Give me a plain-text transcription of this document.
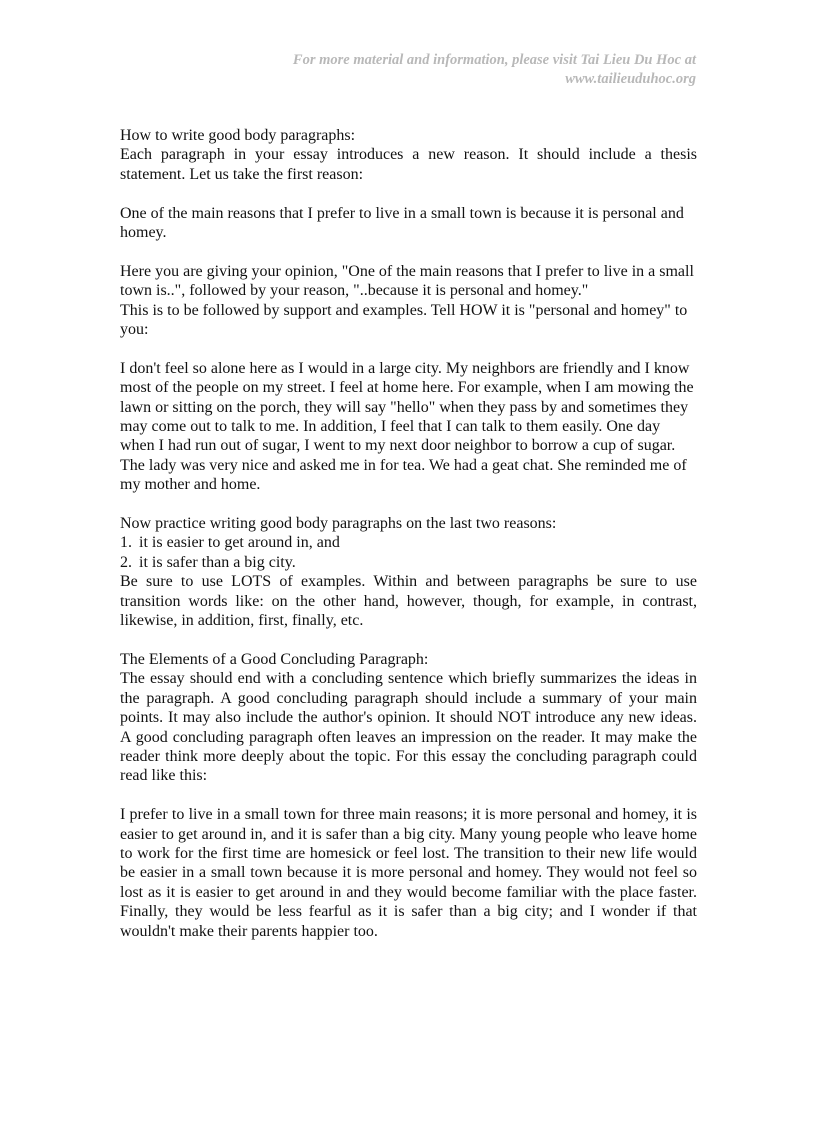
For more material and information, please visit Tai Lieu Du Hoc at
www.tailieuduhoc.org

How to write good body paragraphs:

Each paragraph in your essay introduces a new reason. It should include a thesis statement. Let us take the first reason:

One of the main reasons that I prefer to live in a small town is because it is personal and homey.

Here you are giving your opinion, "One of the main reasons that I prefer to live in a small town is..", followed by your reason, "..because it is personal and homey."

This is to be followed by support and examples. Tell HOW it is "personal and homey" to you:

I don't feel so alone here as I would in a large city. My neighbors are friendly and I know most of the people on my street. I feel at home here. For example, when I am mowing the lawn or sitting on the porch, they will say "hello" when they pass by and sometimes they may come out to talk to me. In addition, I feel that I can talk to them easily. One day when I had run out of sugar, I went to my next door neighbor to borrow a cup of sugar. The lady was very nice and asked me in for tea. We had a geat chat. She reminded me of my mother and home.

Now practice writing good body paragraphs on the last two reasons:

1. it is easier to get around in, and

2. it is safer than a big city.

Be sure to use LOTS of examples. Within and between paragraphs be sure to use transition words like: on the other hand, however, though, for example, in contrast, likewise, in addition, first, finally, etc.

The Elements of a Good Concluding Paragraph:

The essay should end with a concluding sentence which briefly summarizes the ideas in the paragraph. A good concluding paragraph should include a summary of your main points. It may also include the author's opinion. It should NOT introduce any new ideas. A good concluding paragraph often leaves an impression on the reader. It may make the reader think more deeply about the topic. For this essay the concluding paragraph could read like this:

I prefer to live in a small town for three main reasons; it is more personal and homey, it is easier to get around in, and it is safer than a big city. Many young people who leave home to work for the first time are homesick or feel lost. The transition to their new life would be easier in a small town because it is more personal and homey. They would not feel so lost as it is easier to get around in and they would become familiar with the place faster. Finally, they would be less fearful as it is safer than a big city; and I wonder if that wouldn't make their parents happier too.
